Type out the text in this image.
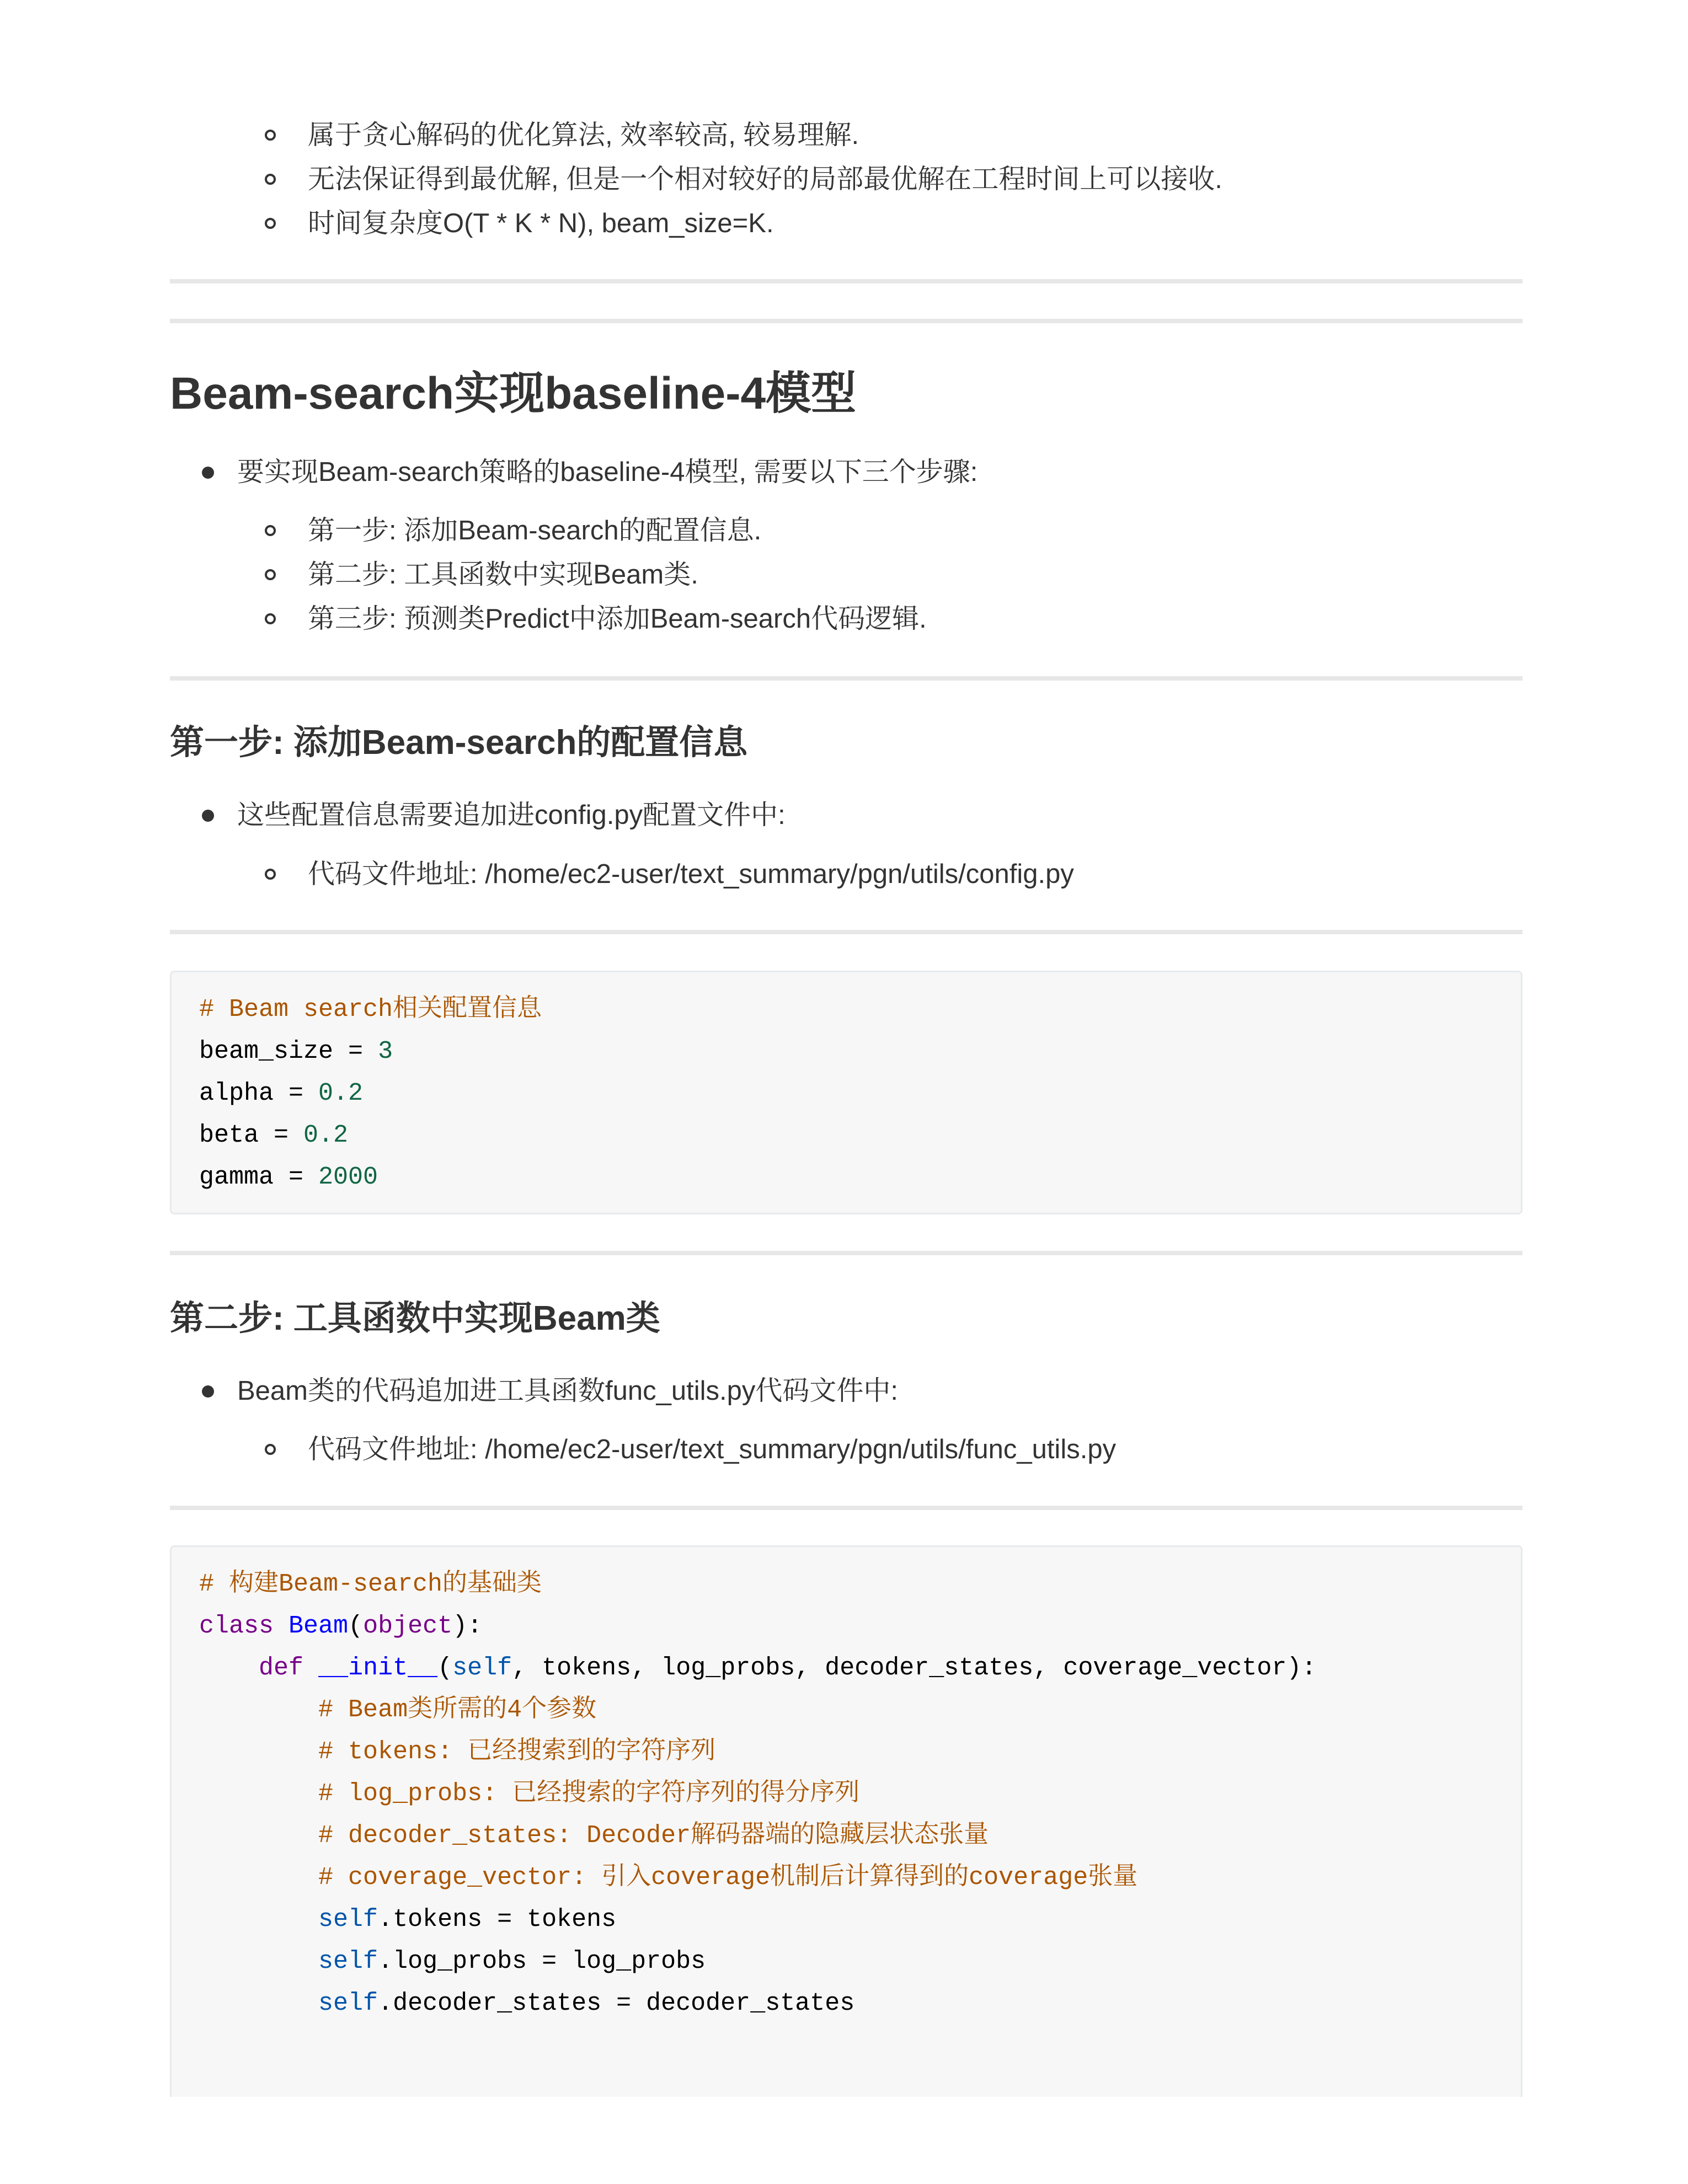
属于贪心解码的优化算法, 效率较高, 较易理解.
无法保证得到最优解, 但是一个相对较好的局部最优解在工程时间上可以接收.
时间复杂度O(T * K * N), beam_size=K.
Beam-search实现baseline-4模型
要实现Beam-search策略的baseline-4模型, 需要以下三个步骤:
第一步: 添加Beam-search的配置信息.
第二步: 工具函数中实现Beam类.
第三步: 预测类Predict中添加Beam-search代码逻辑.
第一步: 添加Beam-search的配置信息
这些配置信息需要追加进config.py配置文件中:
代码文件地址: /home/ec2-user/text_summary/pgn/utils/config.py
# Beam search相关配置信息
beam_size = 3
alpha = 0.2
beta = 0.2
gamma = 2000
第二步: 工具函数中实现Beam类
Beam类的代码追加进工具函数func_utils.py代码文件中:
代码文件地址: /home/ec2-user/text_summary/pgn/utils/func_utils.py
# 构建Beam-search的基础类
class Beam(object):
def __init__(self, tokens, log_probs, decoder_states, coverage_vector):
# Beam类所需的4个参数
# tokens: 已经搜索到的字符序列
# log_probs: 已经搜索的字符序列的得分序列
# decoder_states: Decoder解码器端的隐藏层状态张量
# coverage_vector: 引入coverage机制后计算得到的coverage张量
self.tokens = tokens
self.log_probs = log_probs
self.decoder_states = decoder_states
